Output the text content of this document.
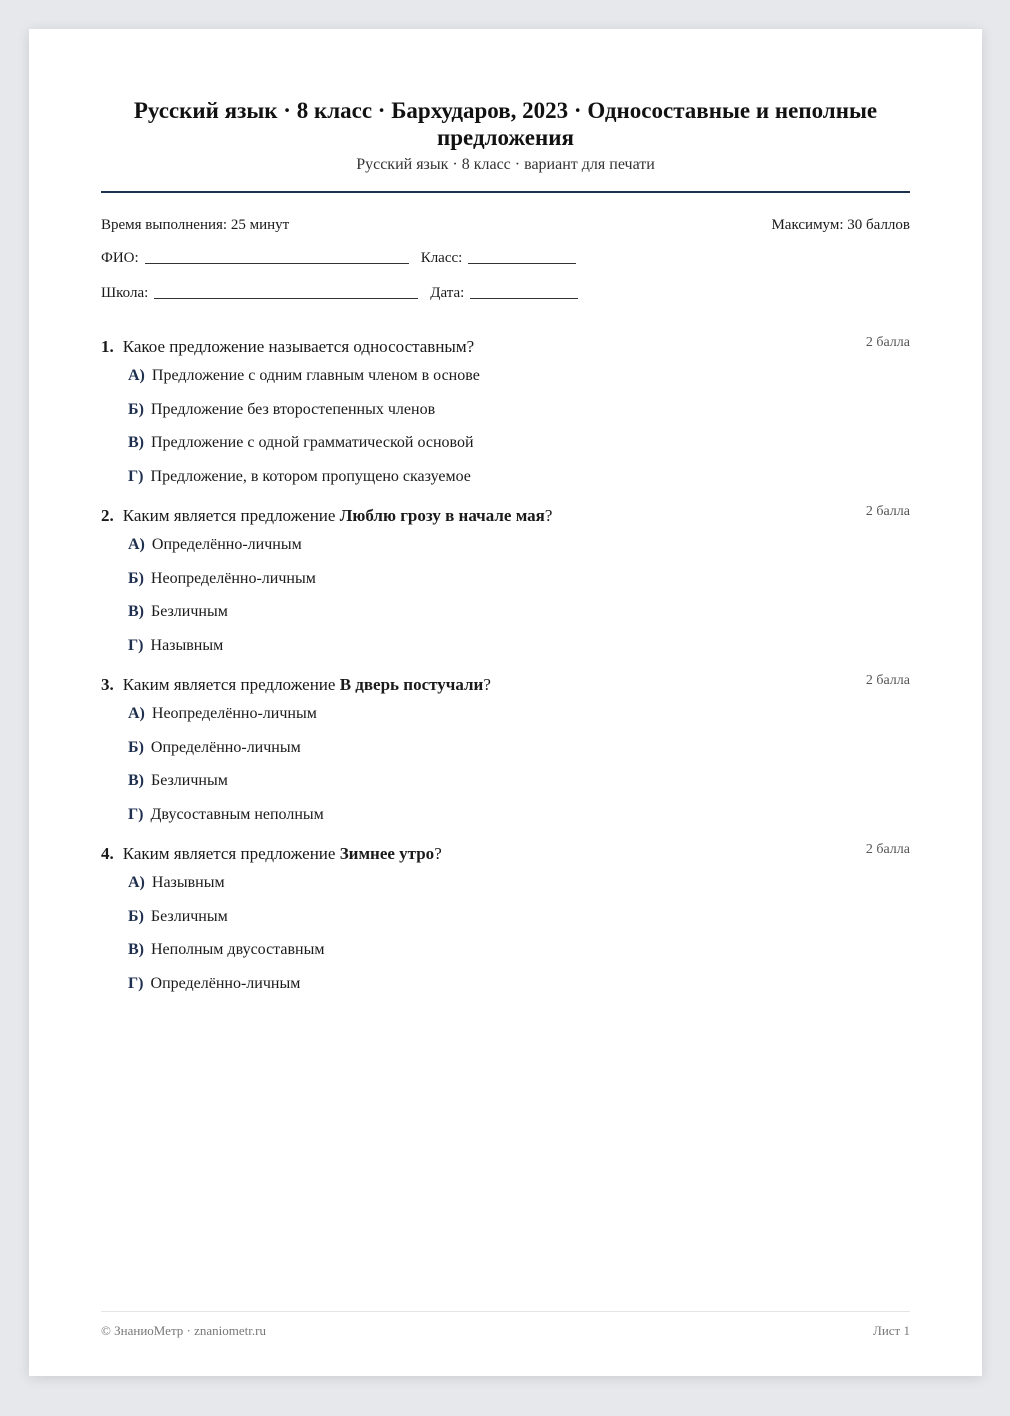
Русский язык · 8 класс · Бархударов, 2023 · Односоставные и неполные предложения
Русский язык · 8 класс · вариант для печати
Время выполнения: 25 минут	Максимум: 30 баллов
ФИО:	Класс:
Школа:	Дата:
1. Какое предложение называется односоставным?	2 балла
А) Предложение с одним главным членом в основе
Б) Предложение без второстепенных членов
В) Предложение с одной грамматической основой
Г) Предложение, в котором пропущено сказуемое
2. Каким является предложение Люблю грозу в начале мая?	2 балла
А) Определённо-личным
Б) Неопределённо-личным
В) Безличным
Г) Назывным
3. Каким является предложение В дверь постучали?	2 балла
А) Неопределённо-личным
Б) Определённо-личным
В) Безличным
Г) Двусоставным неполным
4. Каким является предложение Зимнее утро?	2 балла
А) Назывным
Б) Безличным
В) Неполным двусоставным
Г) Определённо-личным
© ЗнаниоМетр · znaniometr.ru	Лист 1
